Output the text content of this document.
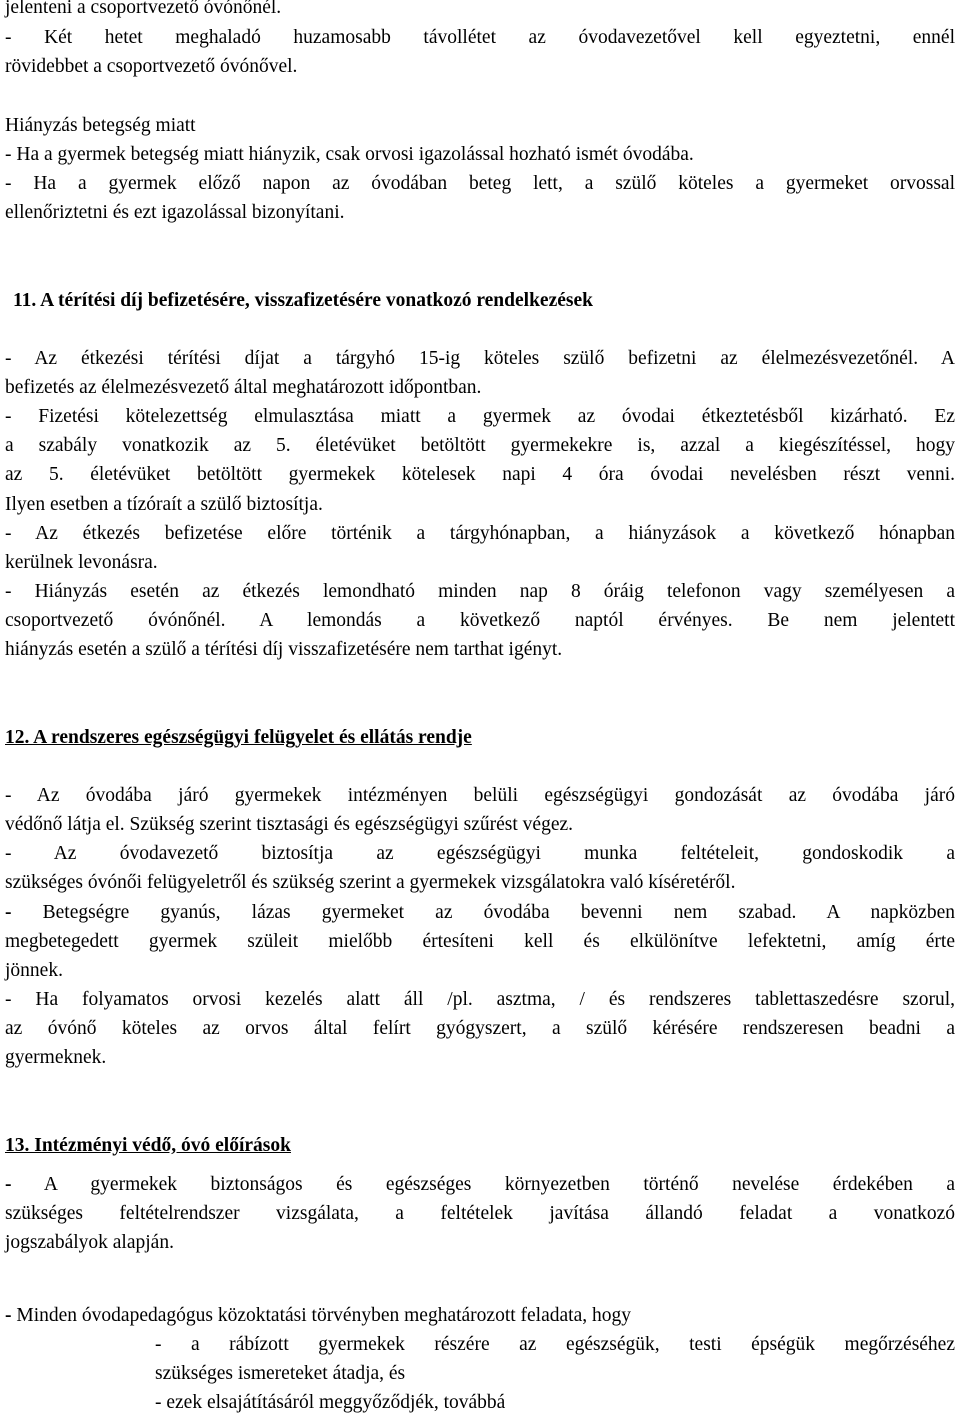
jelenteni a csoportvezető óvónőnél.
- Két hetet meghaladó huzamosabb távollétet az óvodavezetővel kell egyeztetni, ennél
rövidebbet a csoportvezető óvónővel.
Hiányzás betegség miatt
- Ha a gyermek betegség miatt hiányzik, csak orvosi igazolással hozható ismét óvodába.
- Ha a gyermek előző napon az óvodában beteg lett, a szülő köteles a gyermeket orvossal
ellenőriztetni és ezt igazolással bizonyítani.
11. A térítési díj befizetésére, visszafizetésére vonatkozó rendelkezések
- Az étkezési térítési díjat a tárgyhó 15-ig köteles szülő befizetni az élelmezésvezetőnél. A
befizetés az élelmezésvezető által meghatározott időpontban.
- Fizetési kötelezettség elmulasztása miatt a gyermek az óvodai étkeztetésből kizárható. Ez
a szabály vonatkozik az 5. életévüket betöltött gyermekekre is, azzal a kiegészítéssel, hogy
az 5. életévüket betöltött gyermekek kötelesek napi 4 óra óvodai nevelésben részt venni.
Ilyen esetben a tízóraít a szülő biztosítja.
- Az étkezés befizetése előre történik a tárgyhónapban, a hiányzások a következő hónapban
kerülnek levonásra.
- Hiányzás esetén az étkezés lemondható minden nap 8 óráig telefonon vagy személyesen a
csoportvezető óvónőnél. A lemondás a következő naptól érvényes. Be nem jelentett
hiányzás esetén a szülő a térítési díj visszafizetésére nem tarthat igényt.
12. A rendszeres egészségügyi felügyelet és ellátás rendje
- Az óvodába járó gyermekek intézményen belüli egészségügyi gondozását az óvodába járó
védőnő látja el. Szükség szerint tisztasági és egészségügyi szűrést végez.
- Az óvodavezető biztosítja az egészségügyi munka feltételeit, gondoskodik a
szükséges óvónői felügyeletről és szükség szerint a gyermekek vizsgálatokra való kíséretéről.
- Betegségre gyanús, lázas gyermeket az óvodába bevenni nem szabad. A napközben
megbetegedett gyermek szüleit mielőbb értesíteni kell és elkülönítve lefektetni, amíg érte
jönnek.
- Ha folyamatos orvosi kezelés alatt áll /pl. asztma, / és rendszeres tablettaszedésre szorul,
az óvónő köteles az orvos által felírt gyógyszert, a szülő kérésére rendszeresen beadni a
gyermeknek.
13. Intézményi védő, óvó előírások
- A gyermekek biztonságos és egészséges környezetben történő nevelése érdekében a
szükséges feltételrendszer vizsgálata, a feltételek javítása állandó feladat a vonatkozó
jogszabályok alapján.
- Minden óvodapedagógus közoktatási törvényben meghatározott feladata, hogy
- a rábízott gyermekek részére az egészségük, testi épségük megőrzéséhez
szükséges ismereteket átadja, és
- ezek elsajátításáról meggyőződjék, továbbá
